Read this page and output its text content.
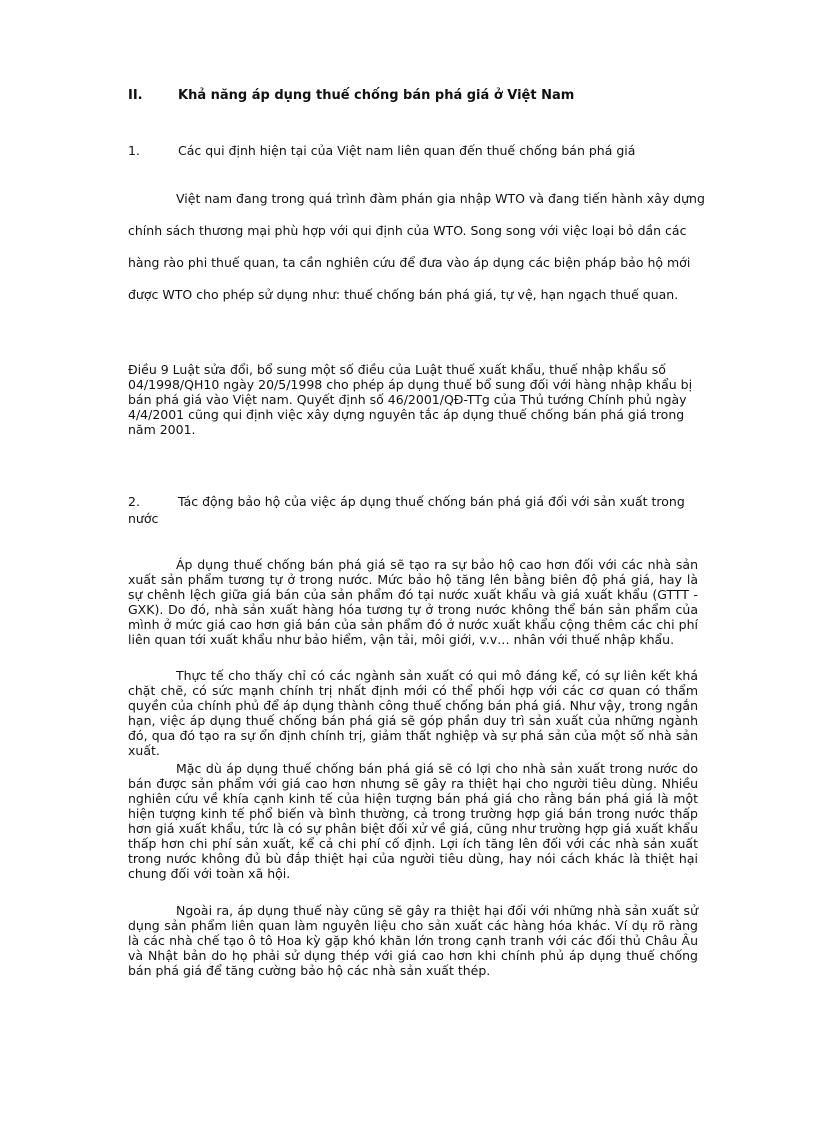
II.	Khả năng áp dụng thuế chống bán phá giá ở Việt Nam
1.	Các qui định hiện tại của Việt nam liên quan đến thuế chống bán phá giá
Việt nam đang trong quá trình đàm phán gia nhập WTO và đang tiến hành xây dựng
chính sách thương mại phù hợp với qui định của WTO. Song song với việc loại bỏ dần các
hàng rào phi thuế quan, ta cần nghiên cứu để đưa vào áp dụng các biện pháp bảo hộ mới
được WTO cho phép sử dụng như: thuế chống bán phá giá, tự vệ, hạn ngạch thuế quan.
Điều 9 Luật sửa đổi, bổ sung một số điều của Luật thuế xuất khẩu, thuế nhập khẩu số
04/1998/QH10 ngày 20/5/1998 cho phép áp dụng thuế bổ sung đối với hàng nhập khẩu bị
bán phá giá vào Việt nam. Quyết định số 46/2001/QĐ-TTg của Thủ tướng Chính phủ ngày
4/4/2001 cũng qui định việc xây dựng nguyên tắc áp dụng thuế chống bán phá giá trong
năm 2001.
2.	Tác động bảo hộ của việc áp dụng thuế chống bán phá giá đối với sản xuất trong
nước

Áp dụng thuế chống bán phá giá sẽ tạo ra sự bảo hộ cao hơn đối với các nhà sản xuất sản phẩm tương tự ở trong nước. Mức bảo hộ tăng lên bằng biên độ phá giá, hay là sự chênh lệch giữa giá bán của sản phẩm đó tại nước xuất khẩu và giá xuất khẩu (GTTT - GXK). Do đó, nhà sản xuất hàng hóa tương tự ở trong nước không thể bán sản phẩm của mình ở mức giá cao hơn giá bán của sản phẩm đó ở nước xuất khẩu cộng thêm các chi phí liên quan tới xuất khẩu như bảo hiểm, vận tải, môi giới, v.v… nhân với thuế nhập khẩu.

Thực tế cho thấy chỉ có các ngành sản xuất có qui mô đáng kể, có sự liên kết khá chặt chẽ, có sức mạnh chính trị nhất định mới có thể phối hợp với các cơ quan có thẩm quyền của chính phủ để áp dụng thành công thuế chống bán phá giá. Như vậy, trong ngắn hạn, việc áp dụng thuế chống bán phá giá sẽ góp phần duy trì sản xuất của những ngành đó, qua đó tạo ra sự ổn định chính trị, giảm thất nghiệp và sự phá sản của một số nhà sản xuất.

Mặc dù áp dụng thuế chống bán phá giá sẽ có lợi cho nhà sản xuất trong nước do bán được sản phẩm với giá cao hơn nhưng sẽ gây ra thiệt hại cho người tiêu dùng. Nhiều nghiên cứu về khía cạnh kinh tế của hiện tượng bán phá giá cho rằng bán phá giá là một hiện tượng kinh tế phổ biến và bình thường, cả trong trường hợp giá bán trong nước thấp hơn giá xuất khẩu, tức là có sự phân biệt đối xử về giá, cũng như trường hợp giá xuất khẩu thấp hơn chi phí sản xuất, kể cả chi phí cố định. Lợi ích tăng lên đối với các nhà sản xuất trong nước không đủ bù đắp thiệt hại của người tiêu dùng, hay nói cách khác là thiệt hại chung đối với toàn xã hội.

Ngoài ra, áp dụng thuế này cũng sẽ gây ra thiệt hại đối với những nhà sản xuất sử dụng sản phẩm liên quan làm nguyên liệu cho sản xuất các hàng hóa khác. Ví dụ rõ ràng là các nhà chế tạo ô tô Hoa kỳ gặp khó khăn lớn trong cạnh tranh với các đối thủ Châu Âu và Nhật bản do họ phải sử dụng thép với giá cao hơn khi chính phủ áp dụng thuế chống bán phá giá để tăng cường bảo hộ các nhà sản xuất thép.
